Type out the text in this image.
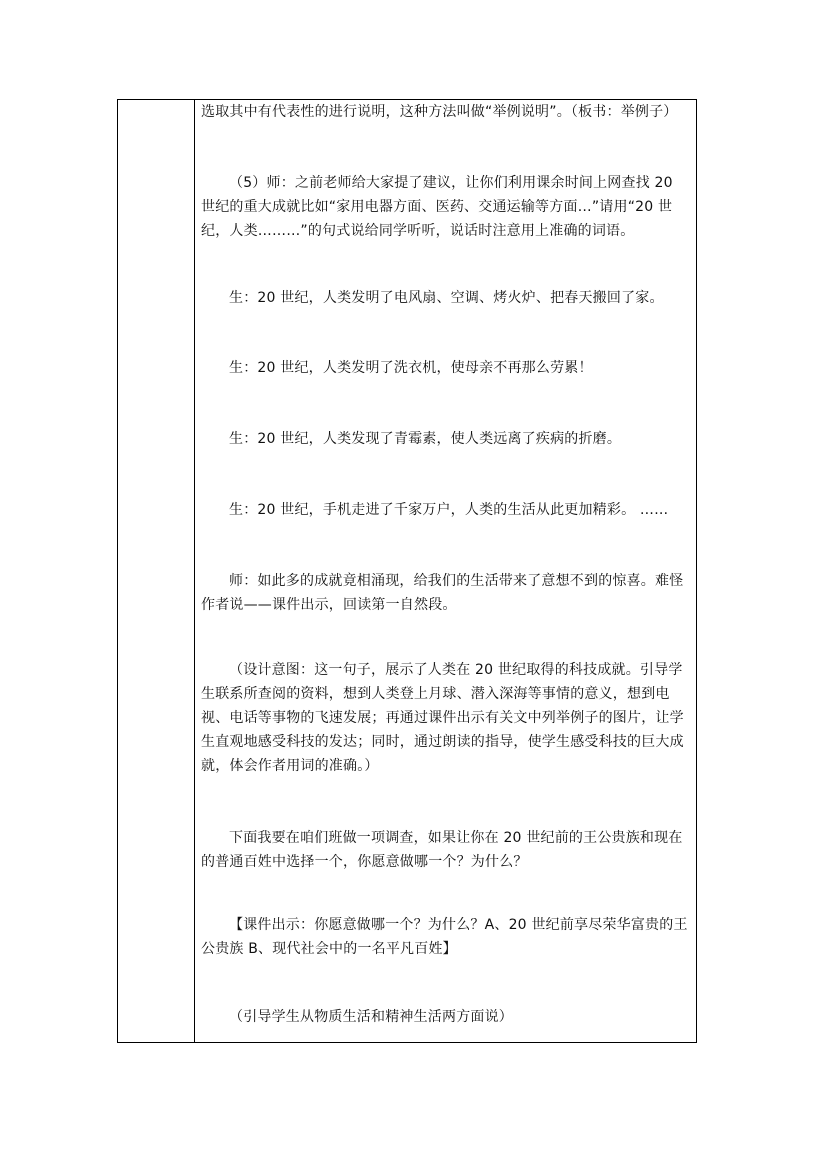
选取其中有代表性的进行说明，这种方法叫做“举例说明”。（板书：举例子）
（5）师：之前老师给大家提了建议，让你们利用课余时间上网查找 20 世纪的重大成就比如“家用电器方面、医药、交通运输等方面…”请用“20 世纪，人类………”的句式说给同学听听，说话时注意用上准确的词语。
生：20 世纪，人类发明了电风扇、空调、烤火炉、把春天搬回了家。
生：20 世纪，人类发明了洗衣机，使母亲不再那么劳累！
生：20 世纪，人类发现了青霉素，使人类远离了疾病的折磨。
生：20 世纪，手机走进了千家万户，人类的生活从此更加精彩。 ……
师：如此多的成就竟相涌现，给我们的生活带来了意想不到的惊喜。难怪作者说——课件出示，回读第一自然段。
（设计意图：这一句子，展示了人类在 20 世纪取得的科技成就。引导学生联系所查阅的资料，想到人类登上月球、潜入深海等事情的意义，想到电视、电话等事物的飞速发展；再通过课件出示有关文中列举例子的图片，让学生直观地感受科技的发达；同时，通过朗读的指导，使学生感受科技的巨大成就，体会作者用词的准确。）
下面我要在咱们班做一项调查，如果让你在 20 世纪前的王公贵族和现在的普通百姓中选择一个，你愿意做哪一个？为什么？
【课件出示：你愿意做哪一个？为什么？A、20 世纪前享尽荣华富贵的王公贵族 B、现代社会中的一名平凡百姓】
（引导学生从物质生活和精神生活两方面说）
